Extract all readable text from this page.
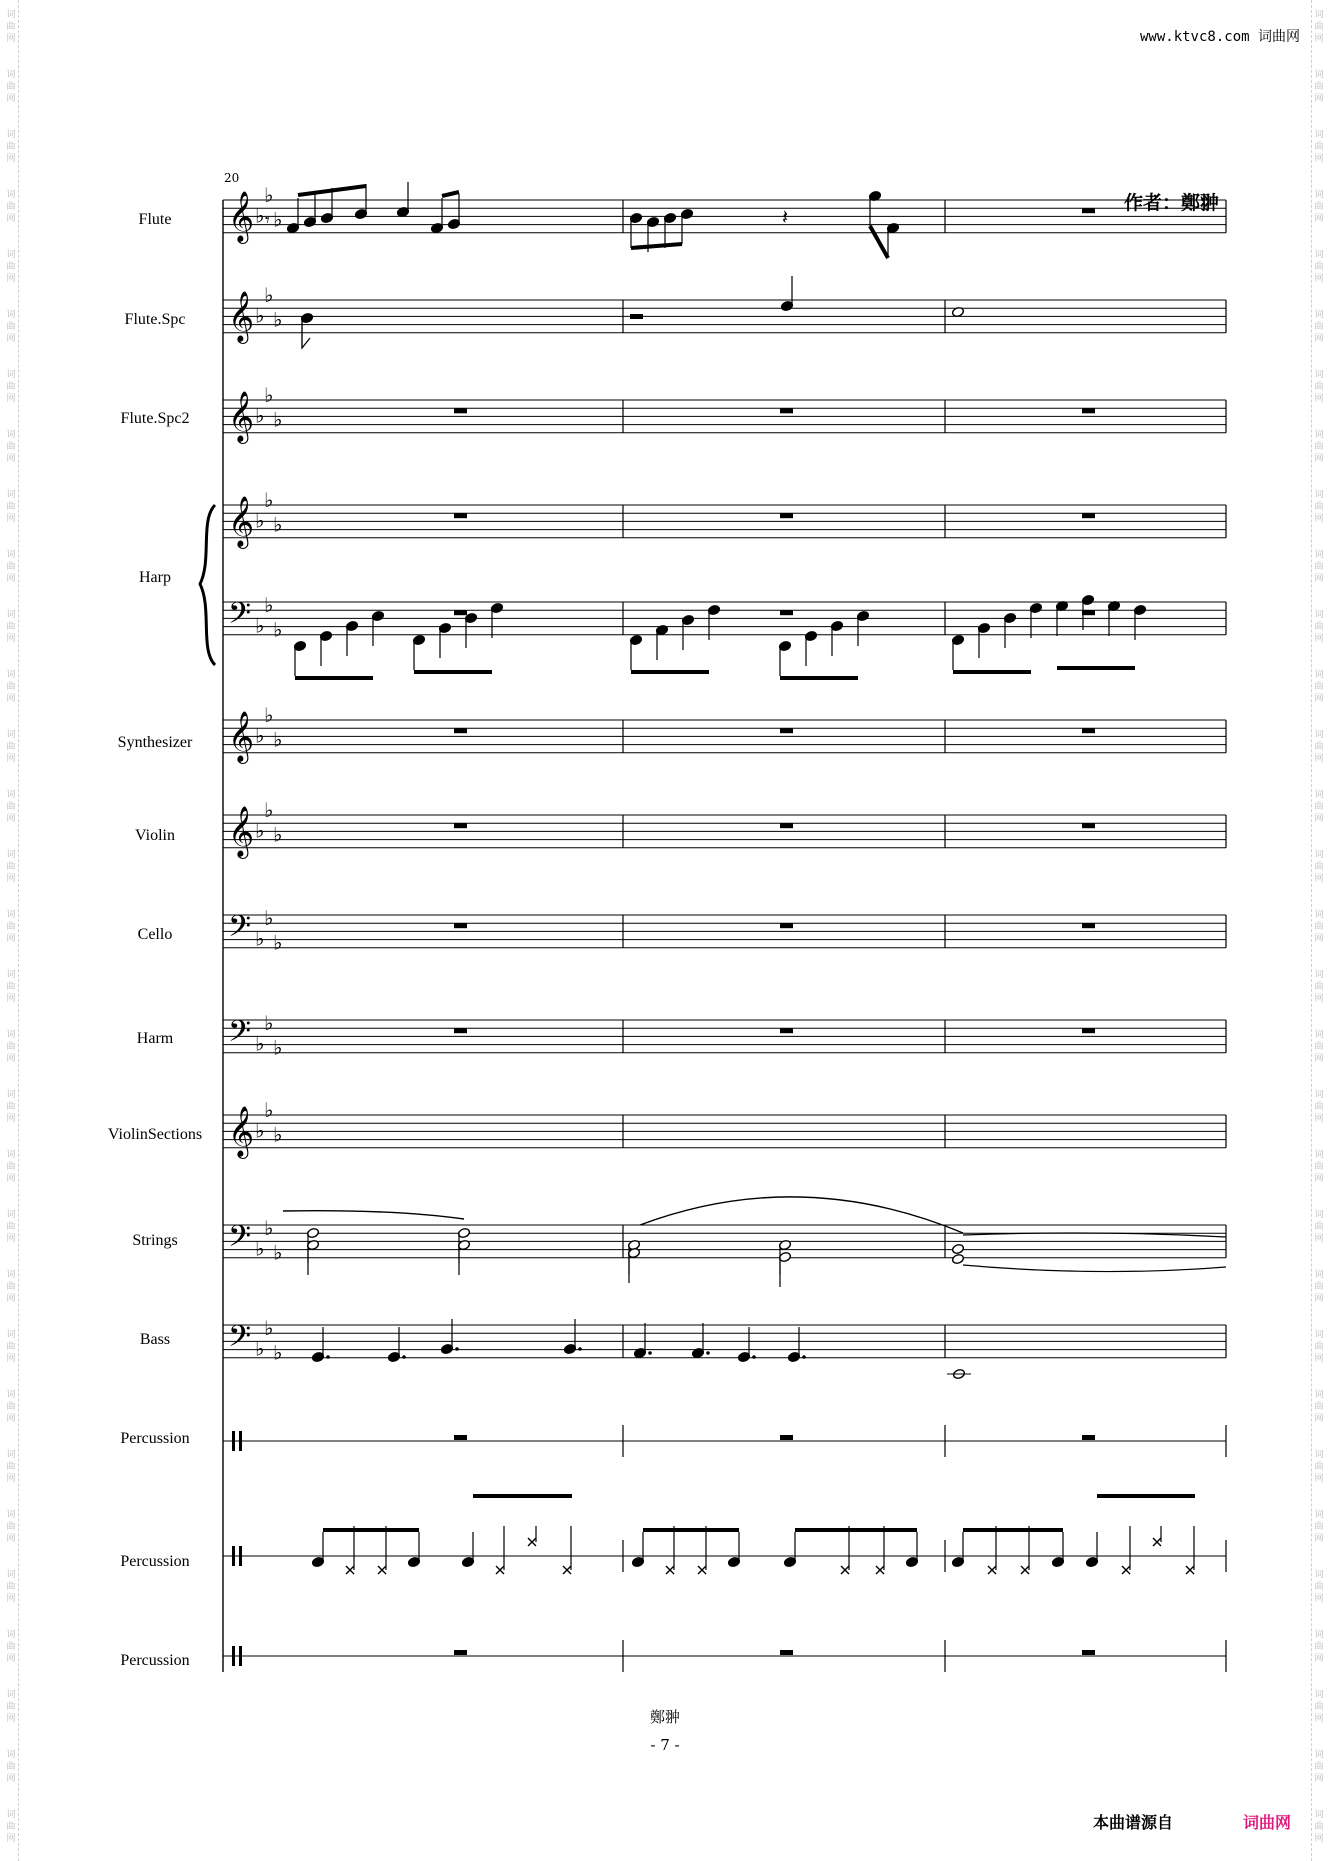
词
曲
网
词
曲
网
词
曲
网
词
曲
网
词
曲
网
词
曲
网
词
曲
网
词
曲
网
词
曲
网
词
曲
网
词
曲
网
词
曲
网
词
曲
网
词
曲
网
词
曲
网
词
曲
网
词
曲
网
词
曲
网
词
曲
网
词
曲
网
词
曲
网
词
曲
网
词
曲
网
词
曲
网
词
曲
网
词
曲
网
词
曲
网
词
曲
网
词
曲
网
词
曲
网
词
曲
网
词
曲
网
词
曲
网
词
曲
网
词
曲
网
词
曲
网
词
曲
网
词
曲
网
词
曲
网
词
曲
网
词
曲
网
词
曲
网
词
曲
网
词
曲
网
词
曲
网
词
曲
网
词
曲
网
词
曲
网
词
曲
网
词
曲
网
词
曲
网
词
曲
网
词
曲
网
词
曲
网
词
曲
网
词
曲
网
词
曲
网
词
曲
网
词
曲
网
词
曲
网
词
曲
网
词
曲
网
www.ktvc8.com 词曲网
20
作者：鄭翀
Flute
Flute.Spc
Flute.Spc2
Harp
Synthesizer
Violin
Cello
Harm
ViolinSections
Strings
Bass
Percussion
Percussion
Percussion
𝄞 ♭
♭
♭
𝄞 ♭
♭
♭
𝄞 ♭
♭
♭
𝄞 ♭
♭
♭
𝄢 ♭
♭
♭
𝄞 ♭
♭
♭
𝄞 ♭
♭
♭
𝄢 ♭
♭
♭
𝄢 ♭
♭
♭
𝄞 ♭
♭
♭
𝄢 ♭
♭
♭
𝄢 ♭
♭
♭
𝄾	𝄽
鄭翀
- 7 -
本曲谱源自	词曲网
